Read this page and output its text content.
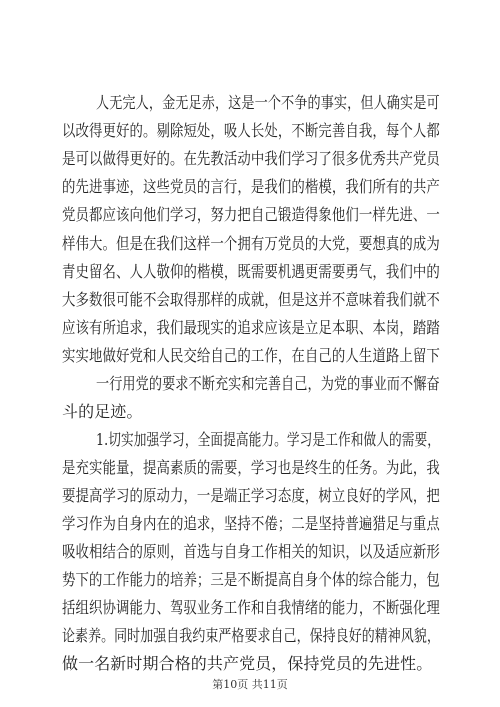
人无完人，金无足赤，这是一个不争的事实，但人确实是可
以改得更好的。剔除短处，吸人长处，不断完善自我，每个人都
是可以做得更好的。在先教活动中我们学习了很多优秀共产党员
的先进事迹，这些党员的言行，是我们的楷模，我们所有的共产
党员都应该向他们学习，努力把自己锻造得象他们一样先进、一
样伟大。但是在我们这样一个拥有万党员的大党，要想真的成为
青史留名、人人敬仰的楷模，既需要机遇更需要勇气，我们中的
大多数很可能不会取得那样的成就，但是这并不意味着我们就不
应该有所追求，我们最现实的追求应该是立足本职、本岗，踏踏
实实地做好党和人民交给自己的工作，在自己的人生道路上留下
一行用党的要求不断充实和完善自己，为党的事业而不懈奋
斗的足迹。
1.切实加强学习，全面提高能力。学习是工作和做人的需要，
是充实能量，提高素质的需要，学习也是终生的任务。为此，我
要提高学习的原动力，一是端正学习态度，树立良好的学风，把
学习作为自身内在的追求，坚持不倦；二是坚持普遍猎足与重点
吸收相结合的原则，首选与自身工作相关的知识，以及适应新形
势下的工作能力的培养；三是不断提高自身个体的综合能力，包
括组织协调能力、驾驭业务工作和自我情绪的能力，不断强化理
论素养。同时加强自我约束严格要求自己，保持良好的精神风貌，
做一名新时期合格的共产党员，保持党员的先进性。
第10页 共11页
